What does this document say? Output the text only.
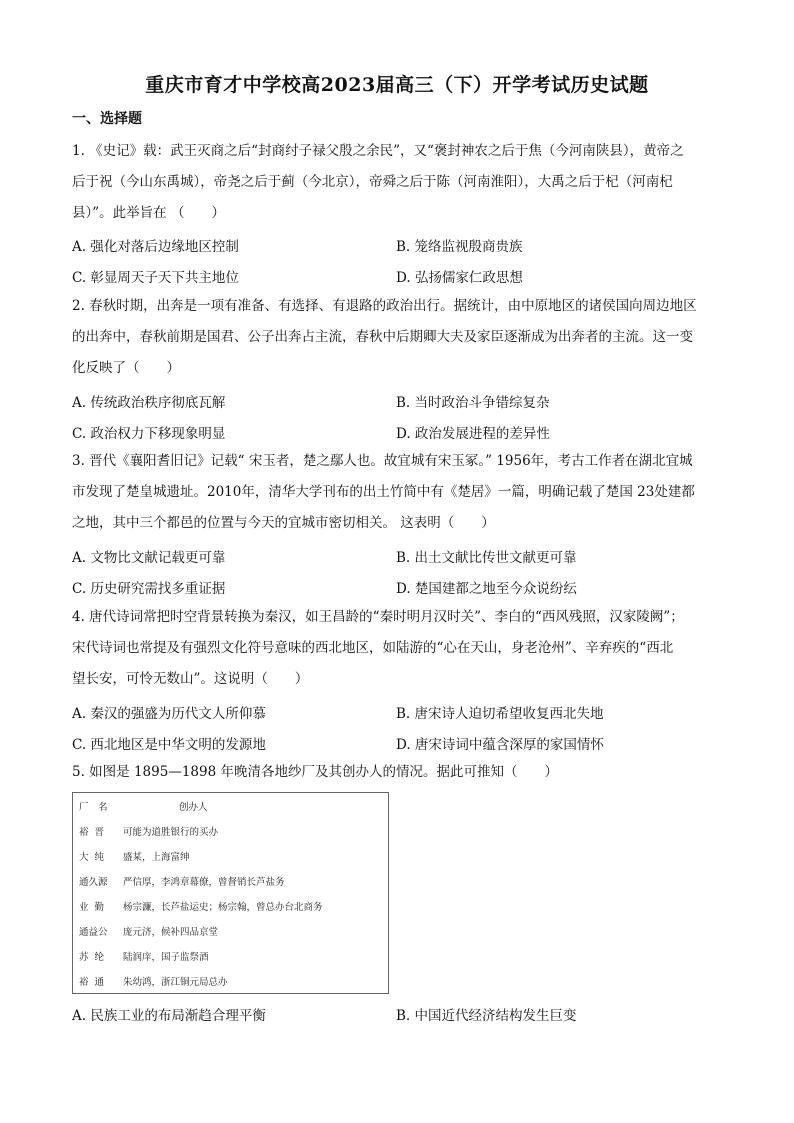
重庆市育才中学校高2023届高三（下）开学考试历史试题
一、选择题

1. 《史记》载：武王灭商之后“封商纣子禄父殷之余民”，又“褒封神农之后于焦（今河南陕县），黄帝之

后于祝（今山东禹城），帝尧之后于蓟（今北京），帝舜之后于陈（河南淮阳），大禹之后于杞（河南杞

县）”。此举旨在 （　　）

A. 强化对落后边缘地区控制	B. 笼络监视殷商贵族
C. 彰显周天子天下共主地位	D. 弘扬儒家仁政思想

2. 春秋时期，出奔是一项有准备、有选择、有退路的政治出行。据统计，由中原地区的诸侯国向周边地区

的出奔中，春秋前期是国君、公子出奔占主流，春秋中后期卿大夫及家臣逐渐成为出奔者的主流。这一变

化反映了（　　）

A. 传统政治秩序彻底瓦解	B. 当时政治斗争错综复杂
C. 政治权力下移现象明显	D. 政治发展进程的差异性

3. 晋代《襄阳耆旧记》记载“ 宋玉者，楚之鄢人也。故宜城有宋玉冢。” 1956年，考古工作者在湖北宜城

市发现了楚皇城遗址。2010年，清华大学刊布的出土竹简中有《楚居》一篇，明确记载了楚国 23处建都

之地，其中三个都邑的位置与今天的宜城市密切相关。 这表明（　　）

A. 文物比文献记载更可靠	B. 出土文献比传世文献更可靠
C. 历史研究需找多重证据	D. 楚国建都之地至今众说纷纭

4. 唐代诗词常把时空背景转换为秦汉，如王昌龄的“秦时明月汉时关”、李白的“西风残照，汉家陵阙”；

宋代诗词也常提及有强烈文化符号意味的西北地区，如陆游的“心在天山，身老沧州”、辛弃疾的“西北

望长安，可怜无数山”。这说明（　　）

A. 秦汉的强盛为历代文人所仰慕	B. 唐宋诗人迫切希望收复西北失地
C. 西北地区是中华文明的发源地	D. 唐宋诗词中蕴含深厚的家国情怀

5. 如图是 1895—1898 年晚清各地纱厂及其创办人的情况。据此可推知（　　）

厂　名	创办人
裕晋	可能为道胜银行的买办
大纯	盛某，上海富绅
通久源	严信厚，李鸿章幕僚，曾督销长芦盐务
业勤	杨宗濂，长芦盐运史；杨宗翰，曾总办台北商务
通益公	庞元济，候补四品京堂
苏纶	陆润庠，国子监祭酒
裕通	朱幼鸿，浙江铜元局总办
A. 民族工业的布局渐趋合理平衡	B. 中国近代经济结构发生巨变
